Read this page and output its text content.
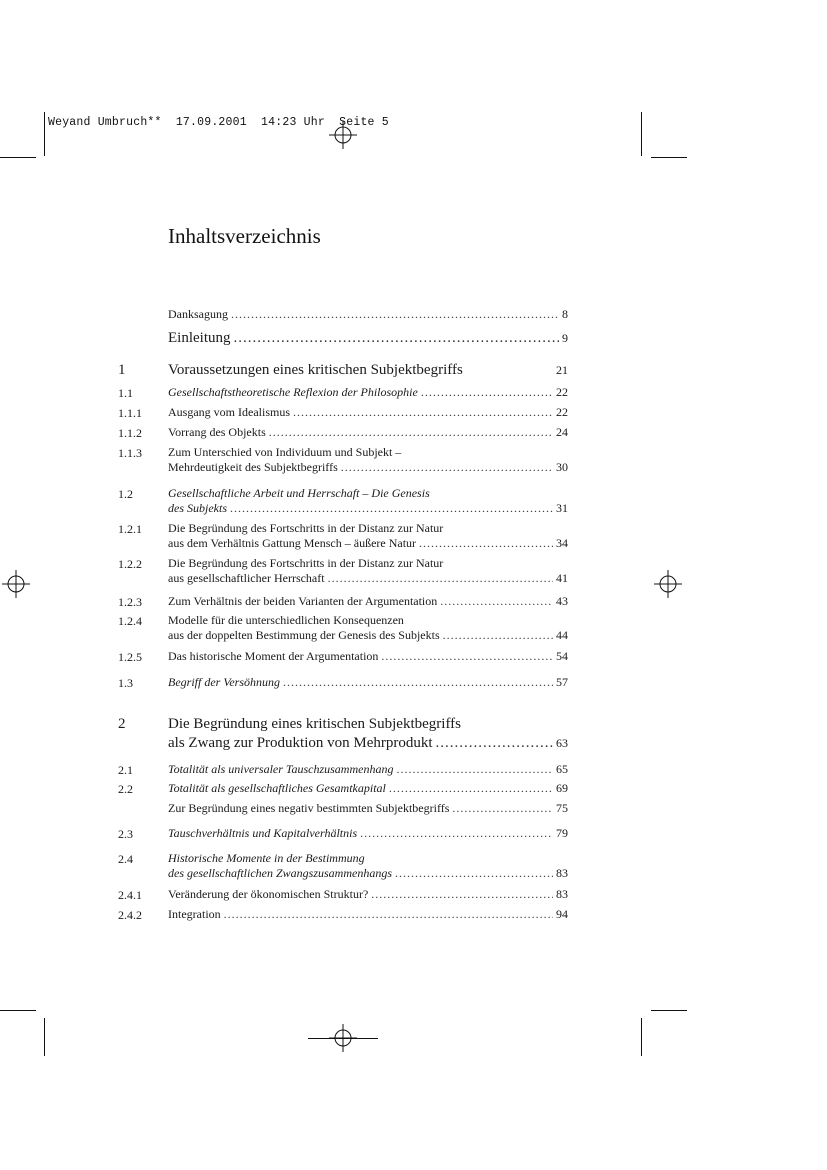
Weyand Umbruch**  17.09.2001  14:23 Uhr  Seite 5
Inhaltsverzeichnis
Danksagung .....	8
Einleitung .....	9
1	Voraussetzungen eines kritischen Subjektbegriffs	21
1.1	Gesellschaftstheoretische Reflexion der Philosophie .....	22
1.1.1 Ausgang vom Idealismus .....	22
1.1.2 Vorrang des Objekts .....	24
1.1.3 Zum Unterschied von Individuum und Subjekt –
Mehrdeutigkeit des Subjektbegriffs .....	30
1.2	Gesellschaftliche Arbeit und Herrschaft – Die Genesis
des Subjekts .....	31
1.2.1 Die Begründung des Fortschritts in der Distanz zur Natur
aus dem Verhältnis Gattung Mensch – äußere Natur .....	34
1.2.2 Die Begründung des Fortschritts in der Distanz zur Natur
aus gesellschaftlicher Herrschaft .....	41
1.2.3 Zum Verhältnis der beiden Varianten der Argumentation .....	43
1.2.4 Modelle für die unterschiedlichen Konsequenzen
aus der doppelten Bestimmung der Genesis des Subjekts .....	44
1.2.5 Das historische Moment der Argumentation .....	54
1.3	Begriff der Versöhnung .....	57
2	Die Begründung eines kritischen Subjektbegriffs
als Zwang zur Produktion von Mehrprodukt .....	63
2.1	Totalität als universaler Tauschzusammenhang .....	65
2.2	Totalität als gesellschaftliches Gesamtkapital .....	69
Zur Begründung eines negativ bestimmten Subjektbegriffs .....	75
2.3	Tauschverhältnis und Kapitalverhältnis .....	79
2.4	Historische Momente in der Bestimmung
des gesellschaftlichen Zwangszusammenhangs .....	83
2.4.1 Veränderung der ökonomischen Struktur? .....	83
2.4.2 Integration .....	94
